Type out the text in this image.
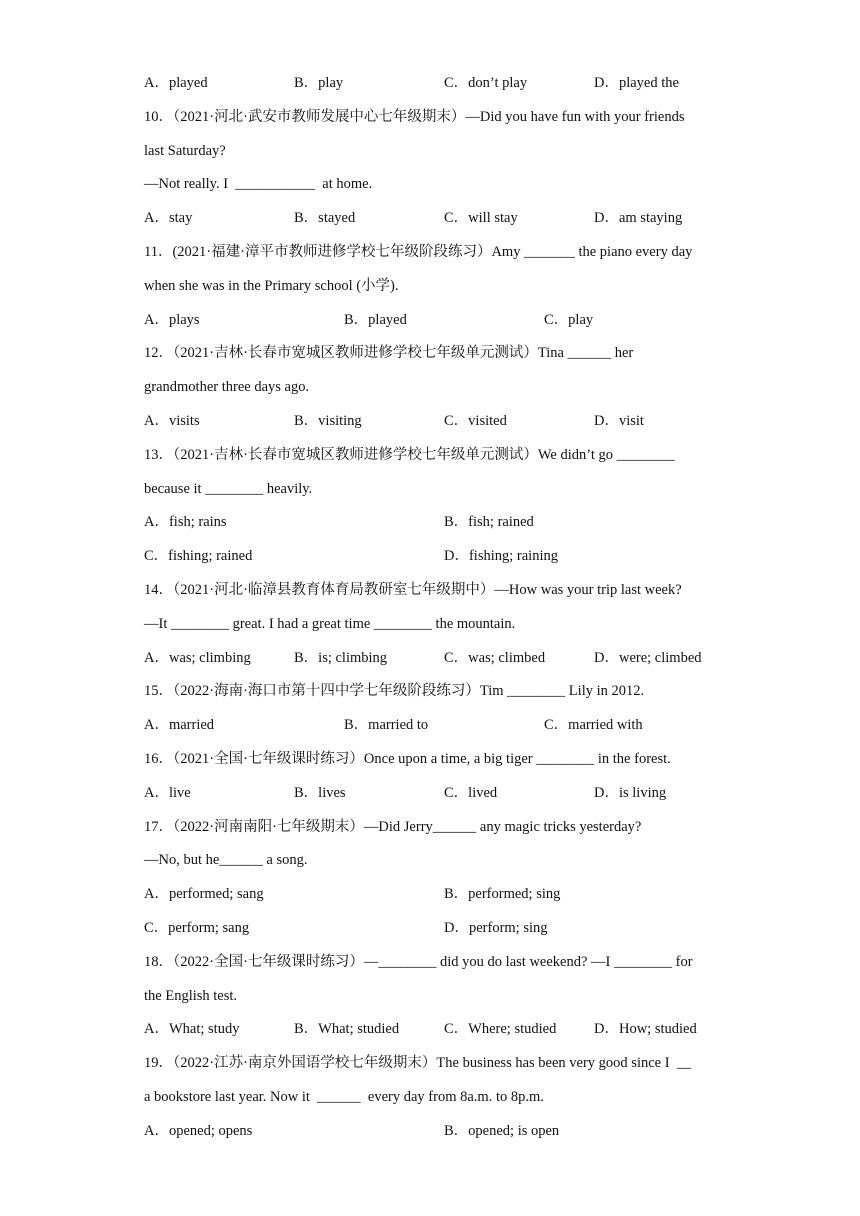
A．played	B．play	C．don’t play	D．played the
10．（2021·河北·武安市教师发展中心七年级期末）—Did you have fun with your friends
last Saturday?
—Not really. I  ___________  at home.
A．stay	B．stayed	C．will stay	D．am staying
11．(2021·福建·漳平市教师进修学校七年级阶段练习）Amy _______ the piano every day
when she was in the Primary school (小学).
A．plays	B．played	C．play
12．（2021·吉林·长春市宽城区教师进修学校七年级单元测试）Tina ______ her
grandmother three days ago.
A．visits	B．visiting	C．visited	D．visit
13．（2021·吉林·长春市宽城区教师进修学校七年级单元测试）We didn’t go ________
because it ________ heavily.
A．fish; rains	B．fish; rained
C．fishing; rained	D．fishing; raining
14．（2021·河北·临漳县教育体育局教研室七年级期中）—How was your trip last week?
—It ________ great. I had a great time ________ the mountain.
A．was; climbing	B．is; climbing	C．was; climbed	D．were; climbed
15．（2022·海南·海口市第十四中学七年级阶段练习）Tim ________ Lily in 2012.
A．married	B．married to	C．married with
16．（2021·全国·七年级课时练习）Once upon a time, a big tiger ________ in the forest.
A．live	B．lives	C．lived	D．is living
17．（2022·河南南阳·七年级期末）—Did Jerry______ any magic tricks yesterday?
—No, but he______ a song.
A．performed; sang	B．performed; sing
C．perform; sang	D．perform; sing
18．（2022·全国·七年级课时练习）—________ did you do last weekend? —I ________ for
the English test.
A．What; study	B．What; studied	C．Where; studied	D．How; studied
19．（2022·江苏·南京外国语学校七年级期末）The business has been very good since I  __
a bookstore last year. Now it  ______  every day from 8a.m. to 8p.m.
A．opened; opens	B．opened; is open
